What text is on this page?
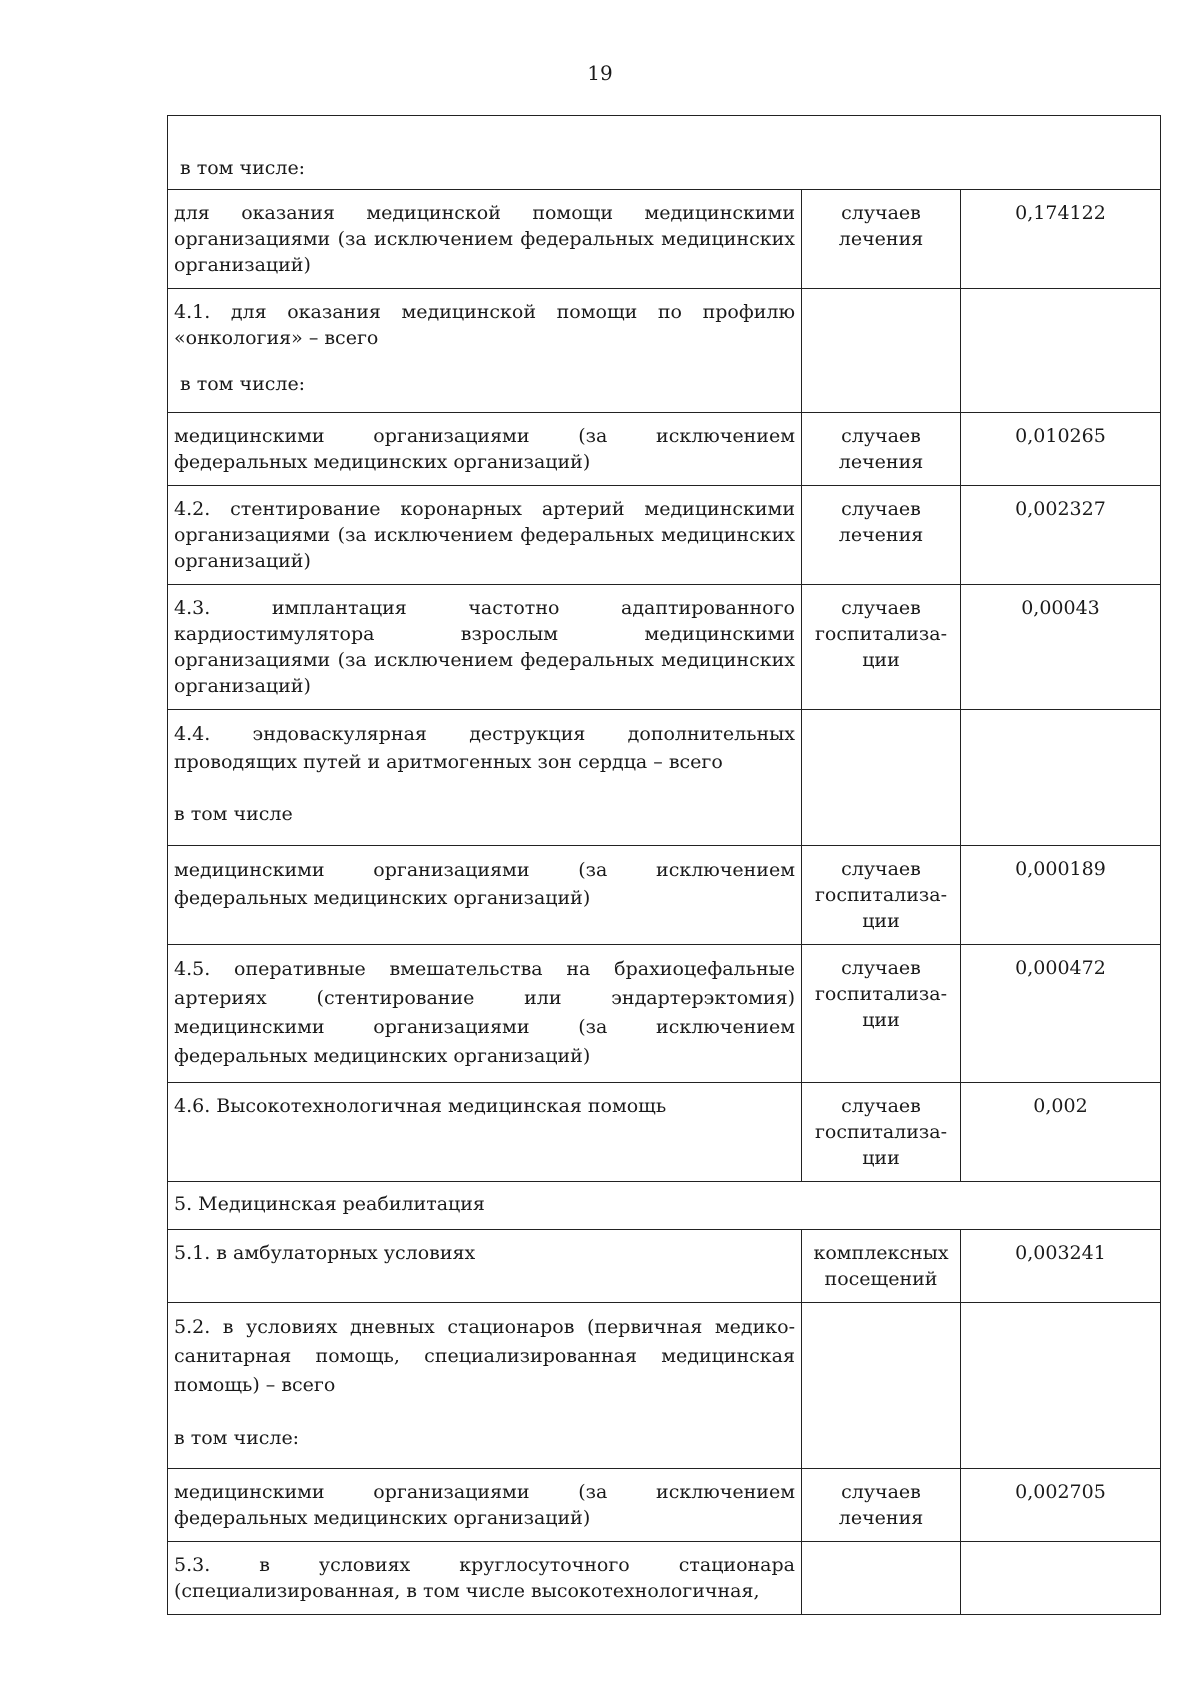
19
в том числе:		
для оказания медицинской помощи медицинскими организациями (за исключением федеральных медицинских организаций)	случаев лечения	0,174122

4.1. для оказания медицинской помощи по профилю «онкология» – всего
в том числе:		

медицинскими организациями (за исключением федеральных медицинских организаций)	случаев лечения	0,010265
4.2. стентирование коронарных артерий медицинскими организациями (за исключением федеральных медицинских организаций)	случаев лечения	0,002327
4.3. имплантация частотно адаптированного кардиостимулятора взрослым медицинскими организациями (за исключением федеральных медицинских организаций)	случаев госпитализа-ции	0,00043

4.4. эндоваскулярная деструкция дополнительных проводящих путей и аритмогенных зон сердца – всего
в том числе		

медицинскими организациями (за исключением федеральных медицинских организаций)	случаев госпитализа-ции	0,000189
4.5. оперативные вмешательства на брахиоцефальные артериях (стентирование или эндартерэктомия) медицинскими организациями (за исключением федеральных медицинских организаций)	случаев госпитализа-ции	0,000472
4.6. Высокотехнологичная медицинская помощь	случаев госпитализа-ции	0,002
5. Медицинская реабилитация		
5.1. в амбулаторных условиях	комплексных посещений	0,003241

5.2. в условиях дневных стационаров (первичная медико-санитарная помощь, специализированная медицинская помощь) – всего
в том числе:		

медицинскими организациями (за исключением федеральных медицинских организаций)	случаев лечения	0,002705
5.3. в условиях круглосуточного стационара (специализированная, в том числе высокотехнологичная,		
